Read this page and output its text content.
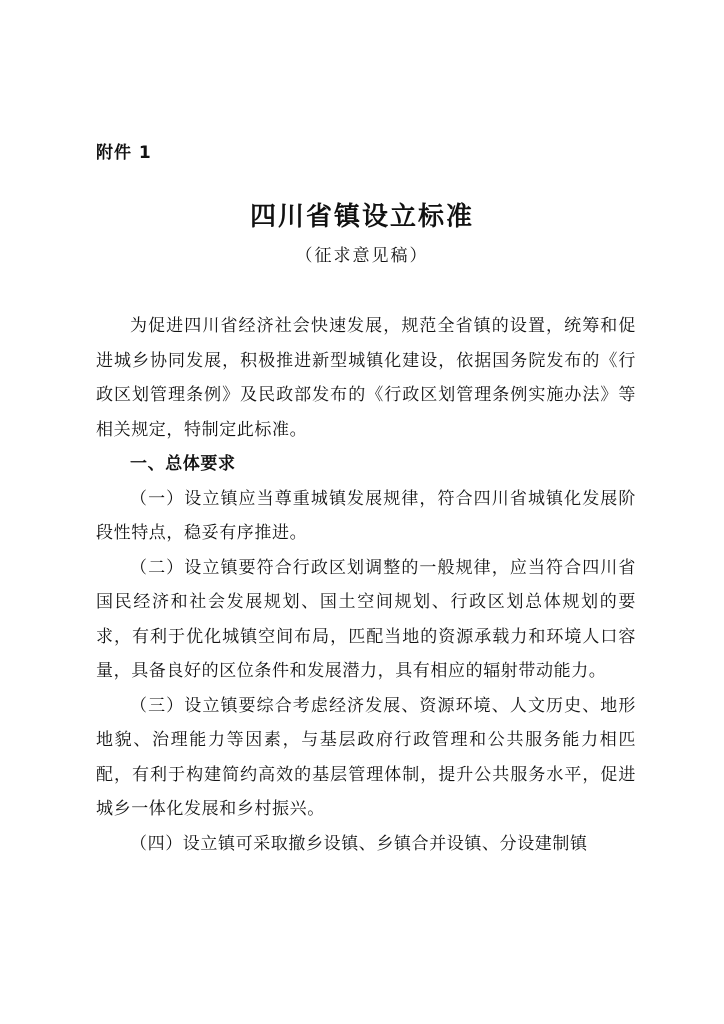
附件 1
四川省镇设立标准
（征求意见稿）

为促进四川省经济社会快速发展，规范全省镇的设置，统筹和促进城乡协同发展，积极推进新型城镇化建设，依据国务院发布的《行政区划管理条例》及民政部发布的《行政区划管理条例实施办法》等相关规定，特制定此标准。

一、总体要求

（一）设立镇应当尊重城镇发展规律，符合四川省城镇化发展阶段性特点，稳妥有序推进。

（二）设立镇要符合行政区划调整的一般规律，应当符合四川省国民经济和社会发展规划、国土空间规划、行政区划总体规划的要求，有利于优化城镇空间布局，匹配当地的资源承载力和环境人口容量，具备良好的区位条件和发展潜力，具有相应的辐射带动能力。

（三）设立镇要综合考虑经济发展、资源环境、人文历史、地形地貌、治理能力等因素，与基层政府行政管理和公共服务能力相匹配，有利于构建简约高效的基层管理体制，提升公共服务水平，促进城乡一体化发展和乡村振兴。

（四）设立镇可采取撤乡设镇、乡镇合并设镇、分设建制镇
